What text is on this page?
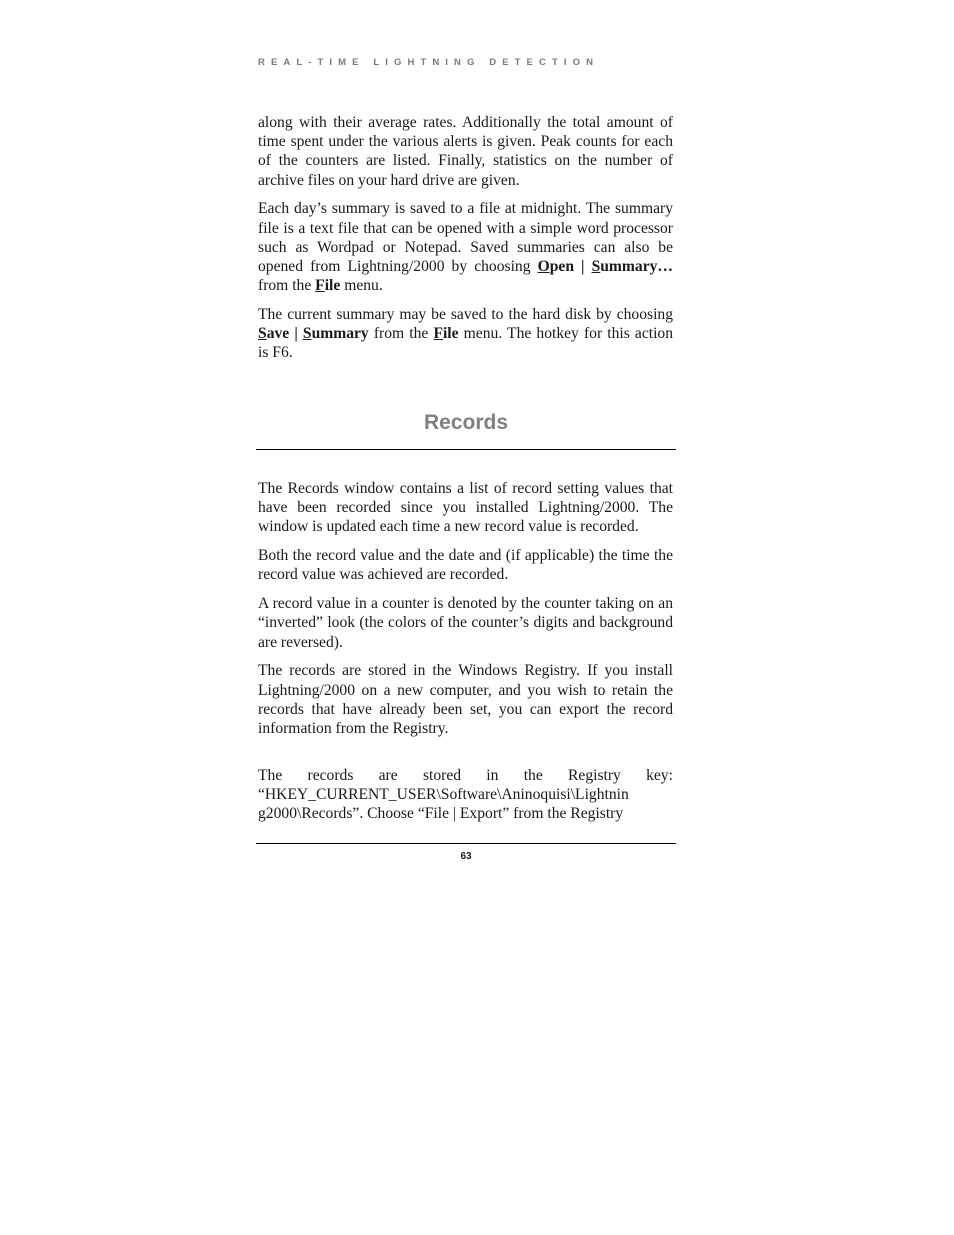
REAL-TIME LIGHTNING DETECTION

along with their average rates. Additionally the total amount of time spent under the various alerts is given. Peak counts for each of the counters are listed. Finally, statistics on the number of archive files on your hard drive are given.

Each day’s summary is saved to a file at midnight. The summary file is a text file that can be opened with a simple word processor such as Wordpad or Notepad. Saved summaries can also be opened from Lightning/2000 by choosing Open | Summary… from the File menu.

The current summary may be saved to the hard disk by choosing Save | Summary from the File menu. The hotkey for this action is F6.

Records

The Records window contains a list of record setting values that have been recorded since you installed Lightning/2000. The window is updated each time a new record value is recorded.

Both the record value and the date and (if applicable) the time the record value was achieved are recorded.

A record value in a counter is denoted by the counter taking on an “inverted” look (the colors of the counter’s digits and background are reversed).

The records are stored in the Windows Registry. If you install Lightning/2000 on a new computer, and you wish to retain the records that have already been set, you can export the record information from the Registry.

The records are stored in the Registry key:
“HKEY_CURRENT_USER\Software\Aninoquisi\Lightnin
g2000\Records”. Choose “File | Export” from the Registry
63
